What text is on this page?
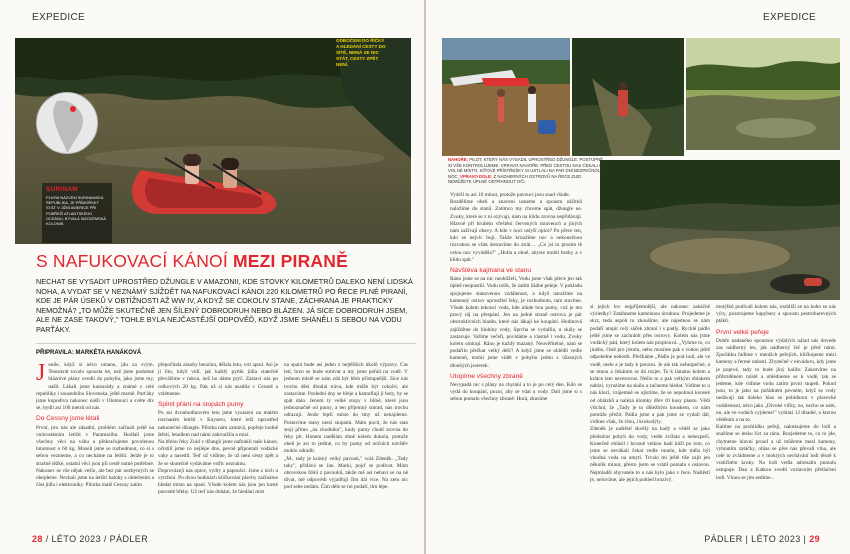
EXPEDICE
ODBOČENÍ DO ŘÍČKY A HLEDÁNÍ CESTY DO SÍTĚ, NEMÁ SE NIC STÁT, CESTY ZPĚT NENÍ.
SURINAM
PLNÝM NÁZVEM SURINAMSKÁ REPUBLIKA, JE PŘÍMOŘSKÝ STÁT V JIŽNÍ AMERICE PŘI POBŘEŽÍ ATLANTSKÉHO OCEÁNU, BÝVALÁ NIZOZEMSKÁ KOLONIE.
S NAFUKOVACÍ KÁNOÍ MEZI PIRANĚ
NECHAT SE VYSADIT UPROSTŘED DŽUNGLE V AMAZONII, KDE STOVKY KILOMETRŮ DALEKO NENÍ LIDSKÁ NOHA, A VYDAT SE V NEZNÁMÝ SJÍŽDĚT NA NAFUKOVACÍ KÁNOI 220 KILOMETRŮ PO ŘECE PLNÉ PIRANÍ, KDE JE PÁR ÚSEKŮ V OBTÍŽNOSTI AŽ WW IV, A KDYŽ SE COKOLIV STANE, ZÁCHRANA JE PRAKTICKY NEMOŽNÁ? „TO MŮŽE SKUTEČNĚ JEN ŠÍLENÝ DOBRODRUH NEBO BLÁZEN. JÁ SICE DOBRODRUH JSEM, ALE NE ZASE TAKOVÝ," TOHLE BYLA NEJČASTĚJŠÍ ODPOVĚĎ, KDYŽ JSME SHÁNĚLI S SEBOU NA VODU PARŤÁKY.
PŘIPRAVILA: MARKÉTA HANÁKOVÁ
J enile, když si něco umanu, jdu za svým. Tentokrát tovalo spousta let, než jsme podobné bláznivé plány uvedli do pohybu, jako jsme my, našli. Lákali jsme kamarády a známé z celé republiky i sousedního Slovenska, ještě marně. Parťáky jsme kupodivu nakonec našli v Olomouci a světe div se, bydlí asi 100 metrů od nás.

Do Cessny jsme létali

První, pro nás ale zásadní, problém začínali ještě na vnitrostátním letišti v Paramaribu. Hodlali jsme všechny věci na vábu a překračujeme povolenou hmotnost o 60 kg. Museli jsme se rozhodnout, co si s sebou vezmeme, a co necháme na letišti. Jenže je to strašně těžké, ostatní věci jsou při cestě nutné potřebné. Nakonec se vše nějak vešlo, ale bez pár nezbytných se obejdeme. Nechali jsme na letišti batohy s oblečením a část jídla i elektroniky. Pilotka malé Cessny zatím

přepočítala zásoby benzínu, dělala letu, vrtí apod. Asi je jí líto, když vidí, jak každý pytlík jídla statečně převážíme v rukou, než ho dáme pryč. Zastaví nás po celkových 20 kg. Pak už si nás usadila v Cessně a vzlétneme.

Splnit přání na stopách pumy

Po asi dvouhodinovém letu jsme vysazeni na malém travnatém letišti v Kayseru, které leží uprostřed nekonečné džungle. Pilotka nám zamává, popřeje hodně štěstí, letadlem nad námi zakroužila a mizí.

Na břehu řeky Zuid v džungli jsme nafoukli naše kánoe, očistili jsme co nejlépe dno, pevně připoutali vodácké vaky a nasedli. Teď už vidíme, že už není cesty zpět a že se skutečně vydáváme vstříc neznámu.

Doprovázejí nás opice, vydry a papoušci. Jsme z nich u vytržení. Po dvou hodinách kličkování plavby začínáme hledat místo na spaní. Všude kolem nás jsou jen husté porostlé břehy. Už teď nás dohání, že hledání míst

na spaní bude asi jeden z nejtěžších úkolů výpravy. Čas letí, brzo se bude stmívat a my jsme pořád na vodě. V jednom místě se nám zdá být břeh přístupnější. Sice nás trochu děsí dlouhá tráva, kde může být cokoliv, ale zastavíme. Poslední dny se hřeje a kamuflují ji boty, by se spát dalo. Jenom ty velké stopy v hlíně, které jsou jednoznačně od pumy, a ten příjemný smrad, nás trochu odrazují. Jenže lepší místo do tmy už nenajdeme. Postavíme stany mezi stopami. Mám pocit, že nás stan stojí přímo „na chodníku", kudy pumy chodí zrovna do řeky pít. Honem nadělám ohně kolem dokola, protože oheň je asi to jediné, co by pumy od nočních návštěv mohlo odradit.

„M., tady je krásný velký pavouk," volá Zdeněk. „Tady taky", přidává se Jan. Marki, pojď se podívat. Mám obrovskou fóbii z pavouků, takže mě asi nebaví se na ně dívat, mé odpovědi vyjadřují čím dál více. Na zem nic pod sebe nedám. Čím déle se mi podaří, tím lépe.

28 / LÉTO 2023 / PÁDLER
EXPEDICE
NAHOŘE: PILOT, KTERÝ NÁS VYSADIL UPROSTŘED DŽUNGLE. POSTUPNĚ SI VŠE KONTROLUJEME. VPRAVO NAHOŘE: PŘED CESTOU NAS ČEKALI A VOLNÉ MÍSTO. SÍŤOVÉ PŘÍSTŘEŠKY SI USTLALI NA PAR DNÍ BEZPEČNOU NOC. VPRAVO DOLE: Z NÁDHERNÝCH OSTROVŮ NA ŘECE ZUID NEMŮŽETE ÚPLNĚ ODTRHNOUT OČI.

Vydrží to asi 10 minut, protože pavouci jsou snad všude.

Rozdělíme oheň a znaveni usneme a spoustu zážitků naložíme do stanů. Zatímco my chceme spát, džungle ne. Zvuky, které se z ní ozývají, nám na klidu zrovna nepřidávají. Hlavně při hrubém vřeštění červených mravenců a jiných nám zažívají obavy. A kdo v noci uslyší opice? Po přece ten, kdo se nejvíc bojí. Takže kroužíme noc a nekonečnou rozvahou se však dostavíme do ztrát… „Co jsi tu prosim tě celou noc vyváděla?" „Hrála a ohně, abyste mohli hezky a v klidu spát."

Návštěva kajmana ve stanu

Ráno jsme se na nic neohlíželi, Vodu jsme však přece jen tak úplně neopustili. Vodu tolik, že zatím žádné peleje. V pokladu spojujeme stanovenou vzdálenost, a když naražíme na kamenný ostrov uprostřed řeky, je rozhodnuto, tam stavíme. Všude kolem tekoucí voda, kde nikde bou pumy, což je ten pravý ráj na přespání. Jen na jedné straně ostrova je pár obstruktivních hladin, které nás lákají ke koupání. Hodinová zajíždíme do hlubiny vody, Sprcha se vydařila, u skály se zastavuje. Vaříme večeři, povídáme a vlastně i vodu, Zvuky kolem umírají. Ráno je každý mazaný. Neuvěřitelné, nám se podařilo přečkat velký déšť! A když jsme se ohlédli vedle kamenů, mohli jsme vidět v pohybu jednu z úžasných dlouhých jesterek.

Utopíme všechny zbraně

Nevypadá nic s plány na chytání a to je po celý den. Kdo se vydá do koupání, pozor, aby se vdal u vody. Dali jsme si s sebou pomalu všechny zbraně: Hurá, zkusíme

si jejich lov nejpříjemnější, ale nakonec zakáčné výsledky? Zatáhneme kamennou úrodnou. Projedeme je skrz, teda aspoň to zkoušíme, ale najednou se nám podaří utopit celý sáček zbraní i s padly. Rychlé pádlo ještě jsme se zachránit přes ostrovy. Kolem nás jsme vodácký pád, který kolem nás proplouvá. „Vyhrne to, co jiného, čistě pro jistotu, nebo musíme pak s vodou ještě odpoledne nehodit. Přečkáme „Pádlo je pod lodí, ale ve vodě, mele a je tady k ponoru. Je ale tak nebezpečné, a se mnou a čekáním se dá rozjet. To k lámáno kolem a krátce tam necestovat. Nešlo to a pak velkým oblakem nabízí, vyrazíme na skálu a začneme hledat. Vidíme to u nás kluci, vzájemně se ujistíme, že se nepohnul kousek od oblázků a nalézá úlomky dřev tři kusy plastu. Vědí všichni, že „Tady je to důležitým kouskem, co nám pomůže přežít. Pádla jsme a pak jsme se vydali dál, vidíme však, že vlnu, i krokodýly.

Zdeněk je naštěstí skvělý na hadý a věděl se jako předstírat pohyb do vody, vedle zvířata a nebezpečí. Konečně ohlásil i hrozně velkou hadí kůži po tom, co jsme se neváhali čekat vedle tunelu, kde měla být vhodná voda na umytí. Trvalo mi ještě tiše zajít jen několik minut, přesto jsem se vrátil pomalu s oslavou. Nejmladší obyvatele to u nás bylo jako v řece. Naštěstí je, nelovíme, ale jejich pohled hrozivý.

motýlků podívali kolem nás, rozhlíží se na koho se nás výry, pozorujeme kapybary a spoustu pestrobarevných ptáků.

První velké peřeje

Dobře nadaného spoustou výdalých nálad nás dovede zas nádherný les, jak nádherný řeč je před námi. Zpočátku řadíme v menších peřejích, kličkujeme mezi kameny a ferme radosti. Zbytečně v ekvádoru, kdy jsme je poprvé, tady to bude jiný kalibr. Zakotvíme na přibrzděném místě a ohlédneme se k vodě, tak se jedeme, kde vidíme vodu zatím první stupeň. Pokud jsou, to je jako na pořádném pevném, když se vody nedávají tak daleko hlas se pobídnout v plavecké vzdálenosti, něco jako „Divoké vlčky, no, necho se nám, no, ale ve vodách vyjdeme!" vyhlásí 12 tibadel, o kterou věděním a na to.

Kalíme na prohlídku peřejí, nakukujeme do lodí a snažíme se lesku říct za ránu. Rozjedeme to, co to jde, chytneme hlavní proud a už můžeme mezi kameny, vyhnutím zatáčky, oblas se přes nás převalí vlna, ale celé to zvládneme a v mokrých nechávání lodí těsně k vratičitém kroky. Na lodi vedla adrenalin pomalu ustupuje. Dan a Katkou zvedli vorlavním přetlačení lodí. Vlnou se jim sedíme...

PÁDLER | LÉTO 2023 | 29
